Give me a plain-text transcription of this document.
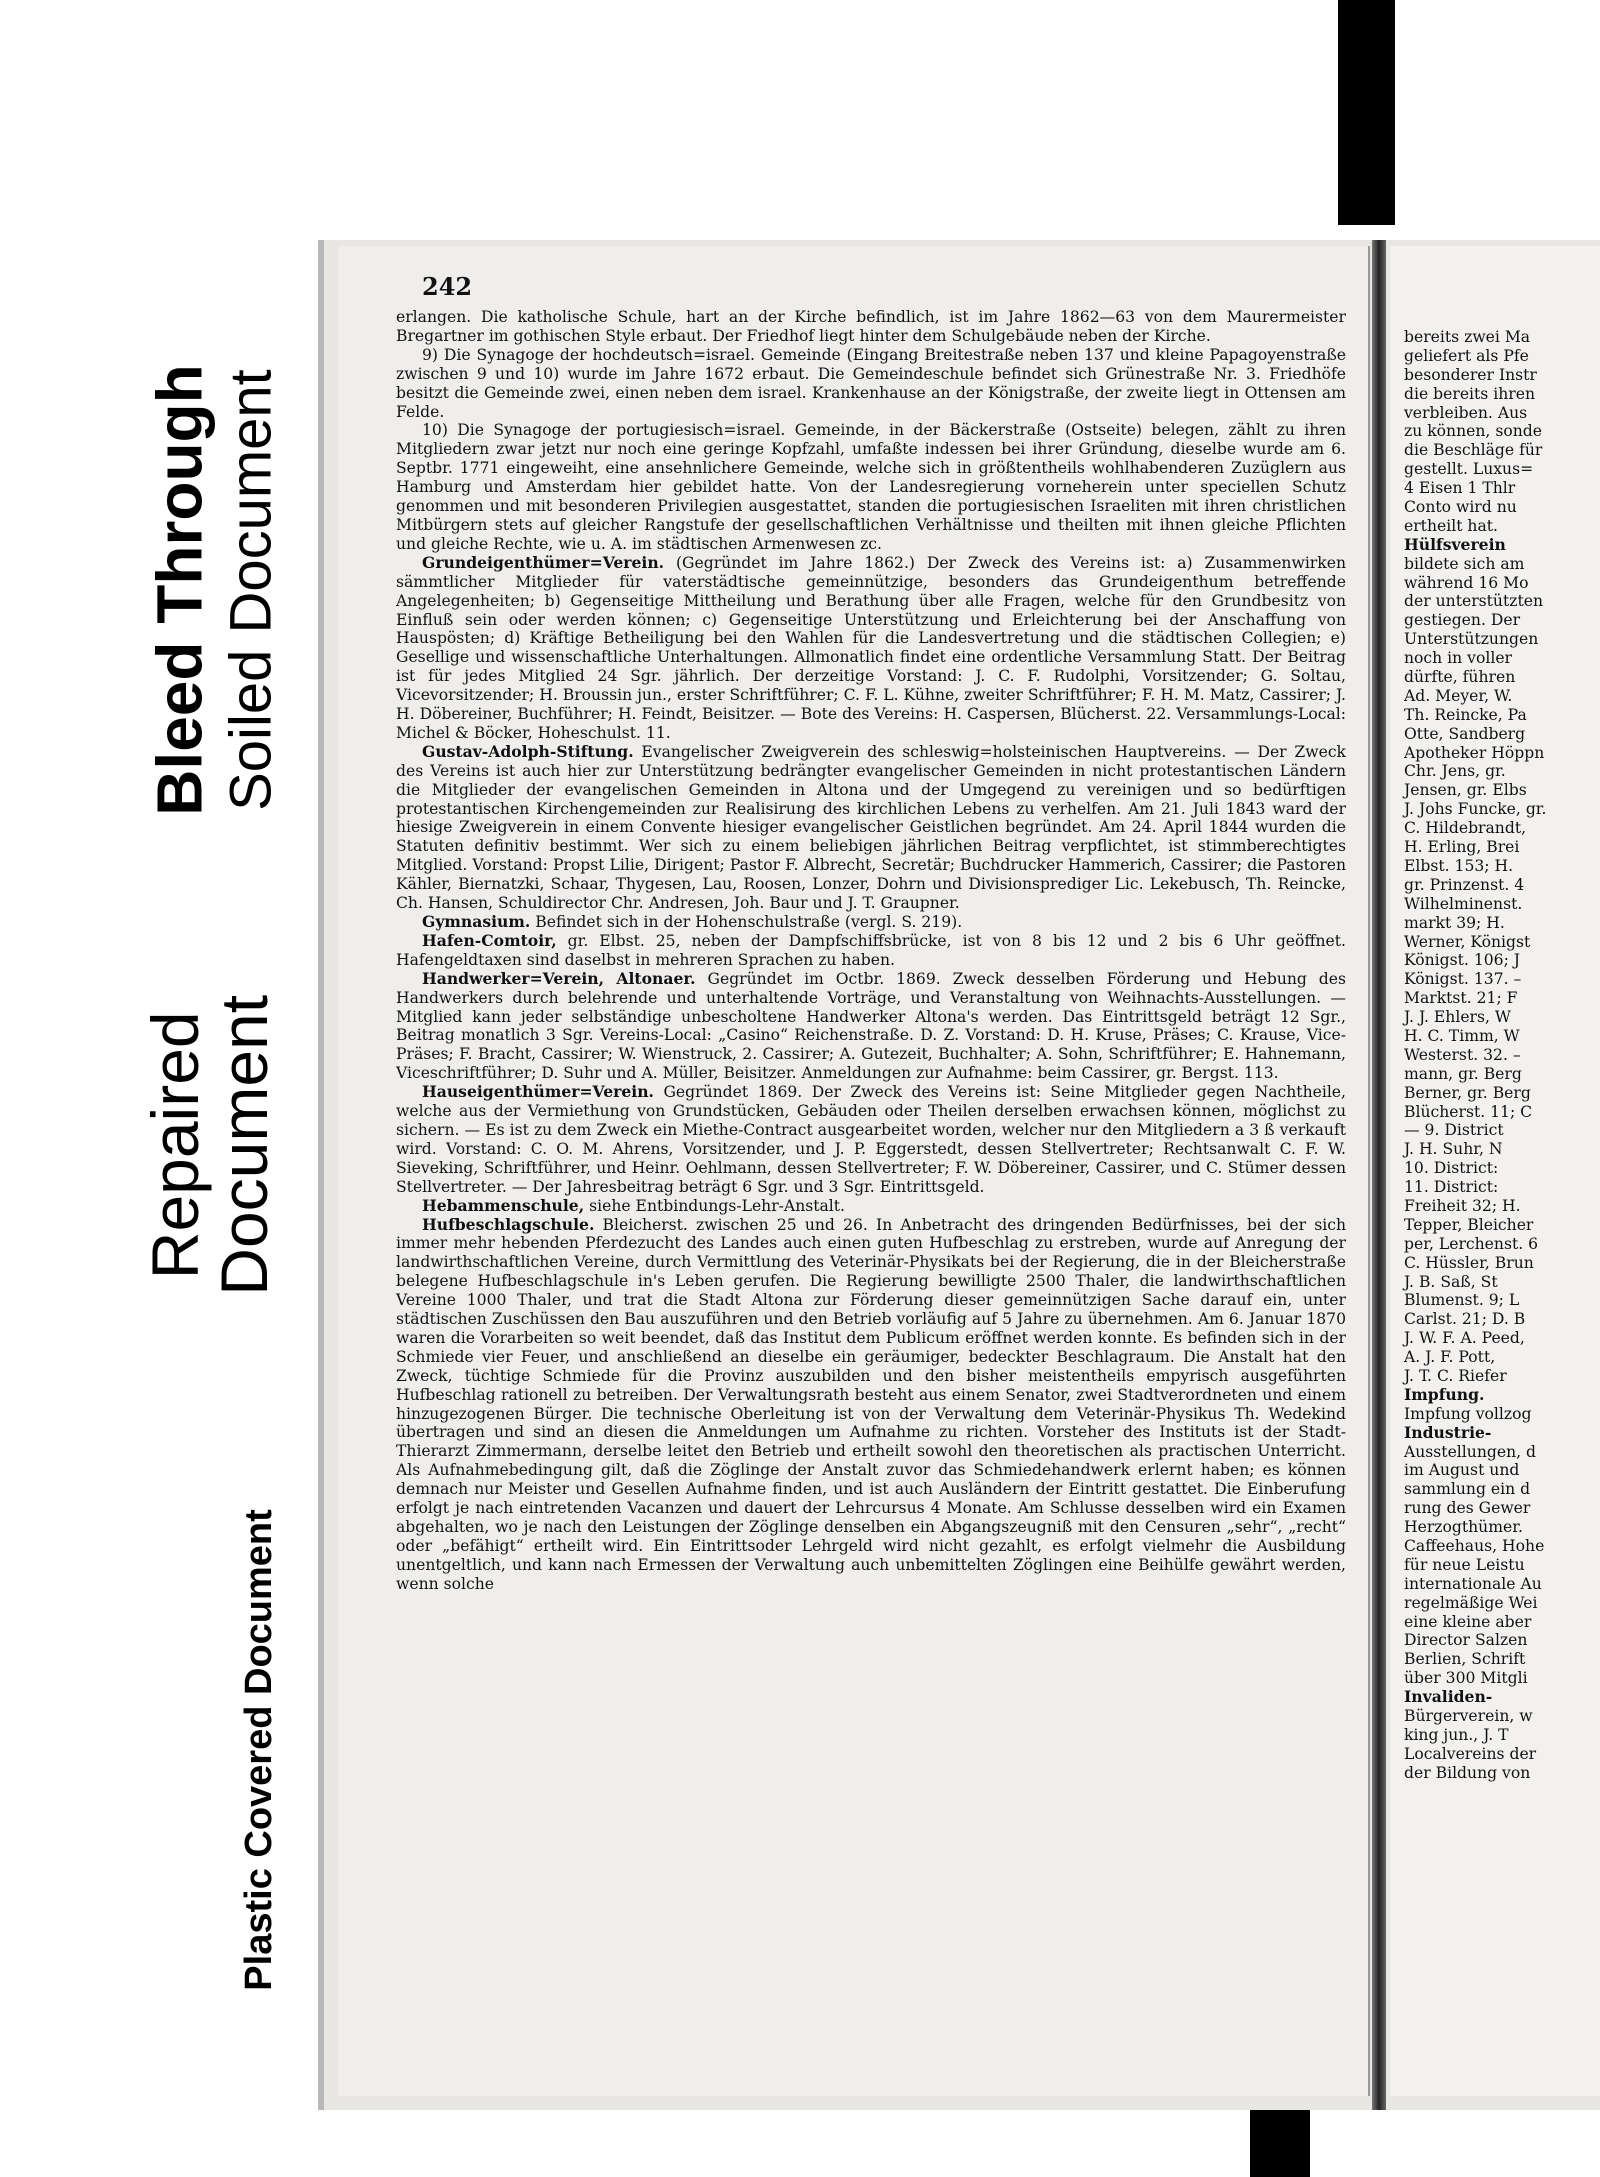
Bleed Through Soiled Document
Repaired Document
Plastic Covered Document
242

erlangen. Die katholische Schule, hart an der Kirche befindlich, ist im Jahre 1862—63 von dem Maurermeister Bregartner im gothischen Style erbaut. Der Friedhof liegt hinter dem Schulgebäude neben der Kirche.

9) Die Synagoge der hochdeutsch=israel. Gemeinde (Eingang Breitestraße neben 137 und kleine Papagoyenstraße zwischen 9 und 10) wurde im Jahre 1672 erbaut. Die Gemeindeschule befindet sich Grünestraße Nr. 3. Friedhöfe besitzt die Gemeinde zwei, einen neben dem israel. Krankenhause an der Königstraße, der zweite liegt in Ottensen am Felde.

10) Die Synagoge der portugiesisch=israel. Gemeinde, in der Bäckerstraße (Ostseite) belegen, zählt zu ihren Mitgliedern zwar jetzt nur noch eine geringe Kopfzahl, umfaßte indessen bei ihrer Gründung, dieselbe wurde am 6. Septbr. 1771 eingeweiht, eine ansehnlichere Gemeinde, welche sich in größtentheils wohlhabenderen Zuzüglern aus Hamburg und Amsterdam hier gebildet hatte. Von der Landesregierung vorneherein unter speciellen Schutz genommen und mit besonderen Privilegien ausgestattet, standen die portugiesischen Israeliten mit ihren christlichen Mitbürgern stets auf gleicher Rangstufe der gesellschaftlichen Verhältnisse und theilten mit ihnen gleiche Pflichten und gleiche Rechte, wie u. A. im städtischen Armenwesen zc.

Grundeigenthümer=Verein. (Gegründet im Jahre 1862.) Der Zweck des Vereins ist: a) Zusammenwirken sämmtlicher Mitglieder für vaterstädtische gemeinnützige, besonders das Grundeigenthum betreffende Angelegenheiten; b) Gegenseitige Mittheilung und Berathung über alle Fragen, welche für den Grundbesitz von Einfluß sein oder werden können; c) Gegenseitige Unterstützung und Erleichterung bei der Anschaffung von Hauspösten; d) Kräftige Betheiligung bei den Wahlen für die Landesvertretung und die städtischen Collegien; e) Gesellige und wissenschaftliche Unterhaltungen. Allmonatlich findet eine ordentliche Versammlung Statt. Der Beitrag ist für jedes Mitglied 24 Sgr. jährlich. Der derzeitige Vorstand: J. C. F. Rudolphi, Vorsitzender; G. Soltau, Vicevorsitzender; H. Broussin jun., erster Schriftführer; C. F. L. Kühne, zweiter Schriftführer; F. H. M. Matz, Cassirer; J. H. Döbereiner, Buchführer; H. Feindt, Beisitzer. — Bote des Vereins: H. Caspersen, Blücherst. 22. Versammlungs-Local: Michel & Böcker, Hoheschulst. 11.

Gustav-Adolph-Stiftung. Evangelischer Zweigverein des schleswig=holsteinischen Hauptvereins. — Der Zweck des Vereins ist auch hier zur Unterstützung bedrängter evangelischer Gemeinden in nicht protestantischen Ländern die Mitglieder der evangelischen Gemeinden in Altona und der Umgegend zu vereinigen und so bedürftigen protestantischen Kirchengemeinden zur Realisirung des kirchlichen Lebens zu verhelfen. Am 21. Juli 1843 ward der hiesige Zweigverein in einem Convente hiesiger evangelischer Geistlichen begründet. Am 24. April 1844 wurden die Statuten definitiv bestimmt. Wer sich zu einem beliebigen jährlichen Beitrag verpflichtet, ist stimmberechtigtes Mitglied. Vorstand: Propst Lilie, Dirigent; Pastor F. Albrecht, Secretär; Buchdrucker Hammerich, Cassirer; die Pastoren Kähler, Biernatzki, Schaar, Thygesen, Lau, Roosen, Lonzer, Dohrn und Divisionsprediger Lic. Lekebusch, Th. Reincke, Ch. Hansen, Schuldirector Chr. Andresen, Joh. Baur und J. T. Graupner.

Gymnasium. Befindet sich in der Hohenschulstraße (vergl. S. 219).

Hafen-Comtoir, gr. Elbst. 25, neben der Dampfschiffsbrücke, ist von 8 bis 12 und 2 bis 6 Uhr geöffnet. Hafengeldtaxen sind daselbst in mehreren Sprachen zu haben.

Handwerker=Verein, Altonaer. Gegründet im Octbr. 1869. Zweck desselben Förderung und Hebung des Handwerkers durch belehrende und unterhaltende Vorträge, und Veranstaltung von Weihnachts-Ausstellungen. — Mitglied kann jeder selbständige unbescholtene Handwerker Altona's werden. Das Eintrittsgeld beträgt 12 Sgr., Beitrag monatlich 3 Sgr. Vereins-Local: „Casino“ Reichenstraße. D. Z. Vorstand: D. H. Kruse, Präses; C. Krause, Vice-Präses; F. Bracht, Cassirer; W. Wienstruck, 2. Cassirer; A. Gutezeit, Buchhalter; A. Sohn, Schriftführer; E. Hahnemann, Viceschriftführer; D. Suhr und A. Müller, Beisitzer. Anmeldungen zur Aufnahme: beim Cassirer, gr. Bergst. 113.

Hauseigenthümer=Verein. Gegründet 1869. Der Zweck des Vereins ist: Seine Mitglieder gegen Nachtheile, welche aus der Vermiethung von Grundstücken, Gebäuden oder Theilen derselben erwachsen können, möglichst zu sichern. — Es ist zu dem Zweck ein Miethe-Contract ausgearbeitet worden, welcher nur den Mitgliedern a 3 ß verkauft wird. Vorstand: C. O. M. Ahrens, Vorsitzender, und J. P. Eggerstedt, dessen Stellvertreter; Rechtsanwalt C. F. W. Sieveking, Schriftführer, und Heinr. Oehlmann, dessen Stellvertreter; F. W. Döbereiner, Cassirer, und C. Stümer dessen Stellvertreter. — Der Jahresbeitrag beträgt 6 Sgr. und 3 Sgr. Eintrittsgeld.

Hebammenschule, siehe Entbindungs-Lehr-Anstalt.

Hufbeschlagschule. Bleicherst. zwischen 25 und 26. In Anbetracht des dringenden Bedürfnisses, bei der sich immer mehr hebenden Pferdezucht des Landes auch einen guten Hufbeschlag zu erstreben, wurde auf Anregung der landwirthschaftlichen Vereine, durch Vermittlung des Veterinär-Physikats bei der Regierung, die in der Bleicherstraße belegene Hufbeschlagschule in's Leben gerufen. Die Regierung bewilligte 2500 Thaler, die landwirthschaftlichen Vereine 1000 Thaler, und trat die Stadt Altona zur Förderung dieser gemeinnützigen Sache darauf ein, unter städtischen Zuschüssen den Bau auszuführen und den Betrieb vorläufig auf 5 Jahre zu übernehmen. Am 6. Januar 1870 waren die Vorarbeiten so weit beendet, daß das Institut dem Publicum eröffnet werden konnte. Es befinden sich in der Schmiede vier Feuer, und anschließend an dieselbe ein geräumiger, bedeckter Beschlagraum. Die Anstalt hat den Zweck, tüchtige Schmiede für die Provinz auszubilden und den bisher meistentheils empyrisch ausgeführten Hufbeschlag rationell zu betreiben. Der Verwaltungsrath besteht aus einem Senator, zwei Stadtverordneten und einem hinzugezogenen Bürger. Die technische Oberleitung ist von der Verwaltung dem Veterinär-Physikus Th. Wedekind übertragen und sind an diesen die Anmeldungen um Aufnahme zu richten. Vorsteher des Instituts ist der Stadt-Thierarzt Zimmermann, derselbe leitet den Betrieb und ertheilt sowohl den theoretischen als practischen Unterricht. Als Aufnahmebedingung gilt, daß die Zöglinge der Anstalt zuvor das Schmiedehandwerk erlernt haben; es können demnach nur Meister und Gesellen Aufnahme finden, und ist auch Ausländern der Eintritt gestattet. Die Einberufung erfolgt je nach eintretenden Vacanzen und dauert der Lehrcursus 4 Monate. Am Schlusse desselben wird ein Examen abgehalten, wo je nach den Leistungen der Zöglinge denselben ein Abgangszeugniß mit den Censuren „sehr“, „recht“ oder „befähigt“ ertheilt wird. Ein Eintrittsoder Lehrgeld wird nicht gezahlt, es erfolgt vielmehr die Ausbildung unentgeltlich, und kann nach Ermessen der Verwaltung auch unbemittelten Zöglingen eine Beihülfe gewährt werden, wenn solche

bereits zwei Ma
geliefert als Pfe
besonderer Instr
die bereits ihren
verbleiben. Aus
zu können, sonde
die Beschläge für
gestellt. Luxus=
4 Eisen 1 Thlr
Conto wird nu
ertheilt hat.
Hülfsverein
bildete sich am
während 16 Mo
der unterstützten
gestiegen. Der
Unterstützungen
noch in voller
dürfte, führen
Ad. Meyer, W.
Th. Reincke, Pa
Otte, Sandberg
Apotheker Höppn
Chr. Jens, gr.
Jensen, gr. Elbs
J. Johs Funcke, gr.
C. Hildebrandt,
H. Erling, Brei
Elbst. 153; H.
gr. Prinzenst. 4
Wilhelminenst.
markt 39; H.
Werner, Königst
Königst. 106; J
Königst. 137. –
Marktst. 21; F
J. J. Ehlers, W
H. C. Timm, W
Westerst. 32. –
mann, gr. Berg
Berner, gr. Berg
Blücherst. 11; C
— 9. District
J. H. Suhr, N
10. District:
11. District:
Freiheit 32; H.
Tepper, Bleicher
per, Lerchenst. 6
C. Hüssler, Brun
J. B. Saß, St
Blumenst. 9; L
Carlst. 21; D. B
J. W. F. A. Peed,
A. J. F. Pott,
J. T. C. Riefer
Impfung.
Impfung vollzog
Industrie-
Ausstellungen, d
im August und
sammlung ein d
rung des Gewer
Herzogthümer.
Caffeehaus, Hohe
für neue Leistu
internationale Au
regelmäßige Wei
eine kleine aber
Director Salzen
Berlien, Schrift
über 300 Mitgli
Invaliden-
Bürgerverein, w
king jun., J. T
Localvereins der
der Bildung von
